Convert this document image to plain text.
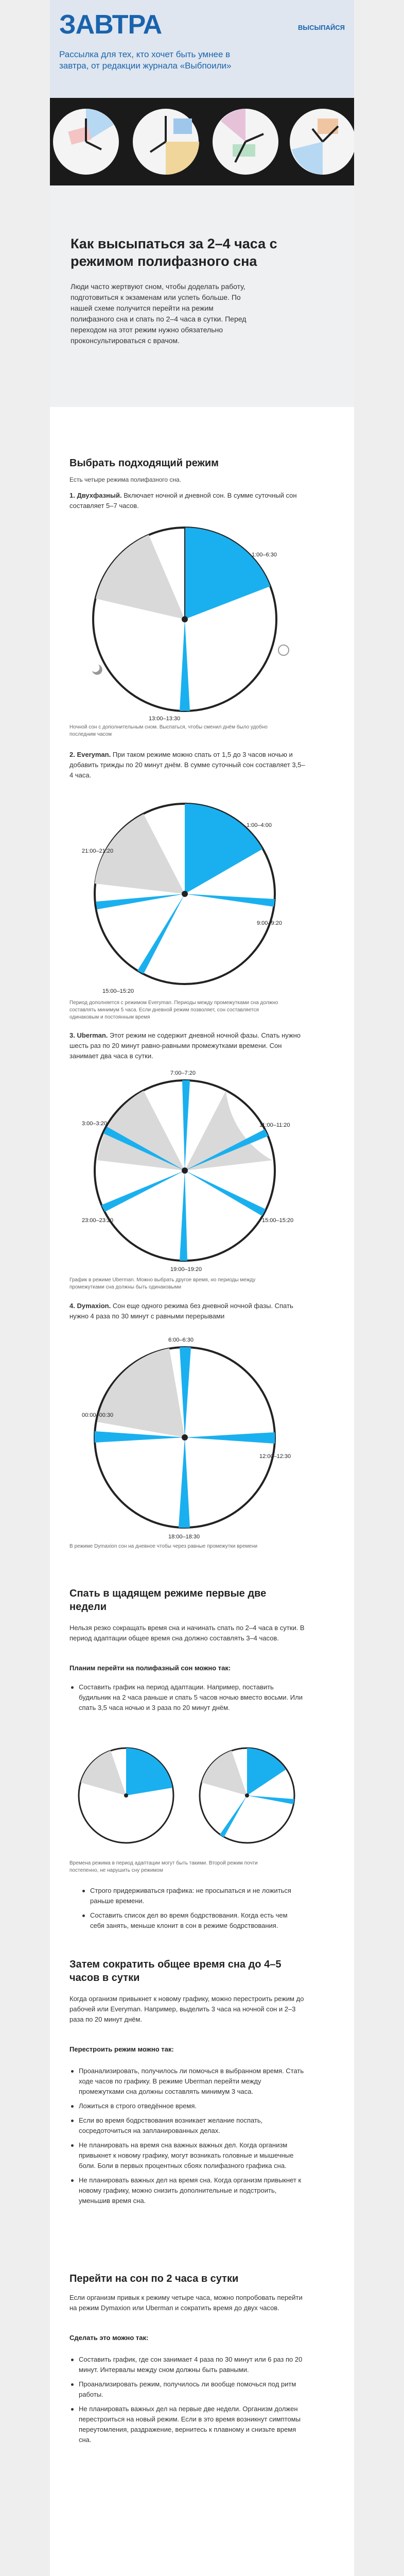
ЗАВТРА	ВЫСЫПАЙСЯ
Рассылка для тех, кто хочет быть умнее в завтра, от редакции журнала «Выбпоили»
Как высыпаться за 2–4 часа с режимом полифазного сна

Люди часто жертвуют сном, чтобы доделать работу, подготовиться к экзаменам или успеть больше. По нашей схеме получится перейти на режим полифазного сна и спать по 2–4 часа в сутки. Перед переходом на этот режим нужно обязательно проконсультироваться с врачом.

Выбрать подходящий режим
Есть четыре режима полифазного сна.
1. Двухфазный. Включает ночной и дневной сон. В сумме суточный сон составляет 5–7 часов.
1:00–6:30
13:00–13:30
Ночной сон с дополнительным сном. Выспаться, чтобы сменил днём было удобно последним часом
2. Everyman. При таком режиме можно спать от 1,5 до 3 часов ночью и добавить трижды по 20 минут днём. В сумме суточный сон составляет 3,5–4 часа.
1:00–4:00
21:00–21:20
9:00–9:20
15:00–15:20
Период дополняется с режимом Everyman. Периоды между промежутками сна должно составлять минимум 5 часа. Если дневной режим позволяет, сон составляется одинаковым и постоянным время
3. Uberman. Этот режим не содержит дневной ночной фазы. Спать нужно шесть раз по 20 минут равно-равными промежутками времени. Сон занимает два часа в сутки.
7:00–7:20
11:00–11:20
15:00–15:20
19:00–19:20
23:00–23:20
3:00–3:20
График в режиме Uberman. Можно выбрать другое время, но периоды между промежутками сна должны быть одинаковыми
4. Dymaxion. Сон еще одного режима без дневной ночной фазы. Спать нужно 4 раза по 30 минут с равными перерывами
6:00–6:30
12:00–12:30
18:00–18:30
00:00–00:30
В режиме Dymaxion сон на дневное чтобы через равные промежутки времени
Спать в щадящем режиме первые две недели
Нельзя резко сокращать время сна и начинать спать по 2–4 часа в сутки. В период адаптации общее время сна должно составлять 3–4 часов.
Планим перейти на полифазный сон можно так:
Составить график на период адаптации. Например, поставить будильник на 2 часа раньше и спать 5 часов ночью вместо восьми. Или спать 3,5 часа ночью и 3 раза по 20 минут днём.
Времена режима в период адаптации могут быть такими. Второй режим почти постепенно, не нарушить сну режимом
Строго придерживаться графика: не просыпаться и не ложиться раньше времени.
Составить список дел во время бодрствования. Когда есть чем себя занять, меньше клонит в сон в режиме бодрствования.
Затем сократить общее время сна до 4–5 часов в сутки
Когда организм привыкнет к новому графику, можно перестроить режим до рабочей или Everyman. Например, выделить 3 часа на ночной сон и 2–3 раза по 20 минут днём.
Перестроить режим можно так:
Проанализировать, получилось ли помочься в выбранном время. Стать ходе часов по графику. В режиме Uberman перейти между промежутками сна должны составлять минимум 3 часа.
Ложиться в строго отведённое время.
Если во время бодрствования возникает желание поспать, сосредоточиться на запланированных делах.
Не планировать на время сна важных важных дел. Когда организм привыкнет к новому графику, могут возникать головные и мышечные боли. Боли в первых процентных сбоях полифазного графика сна.
Не планировать важных дел на время сна. Когда организм привыкнет к новому графику, можно снизить дополнительные и подстроить, уменьшив время сна.
Перейти на сон по 2 часа в сутки
Если организм привык к режиму четыре часа, можно попробовать перейти на режим Dymaxion или Uberman и сократить время до двух часов.
Сделать это можно так:
Составить график, где сон занимает 4 раза по 30 минут или 6 раз по 20 минут. Интервалы между сном должны быть равными.
Проанализировать режим, получилось ли вообще помочься под ритм работы.
Не планировать важных дел на первые две недели. Организм должен перестроиться на новый режим. Если в это время возникнут симптомы переутомления, раздражение, вернитесь к плавному и снизьте время сна.
